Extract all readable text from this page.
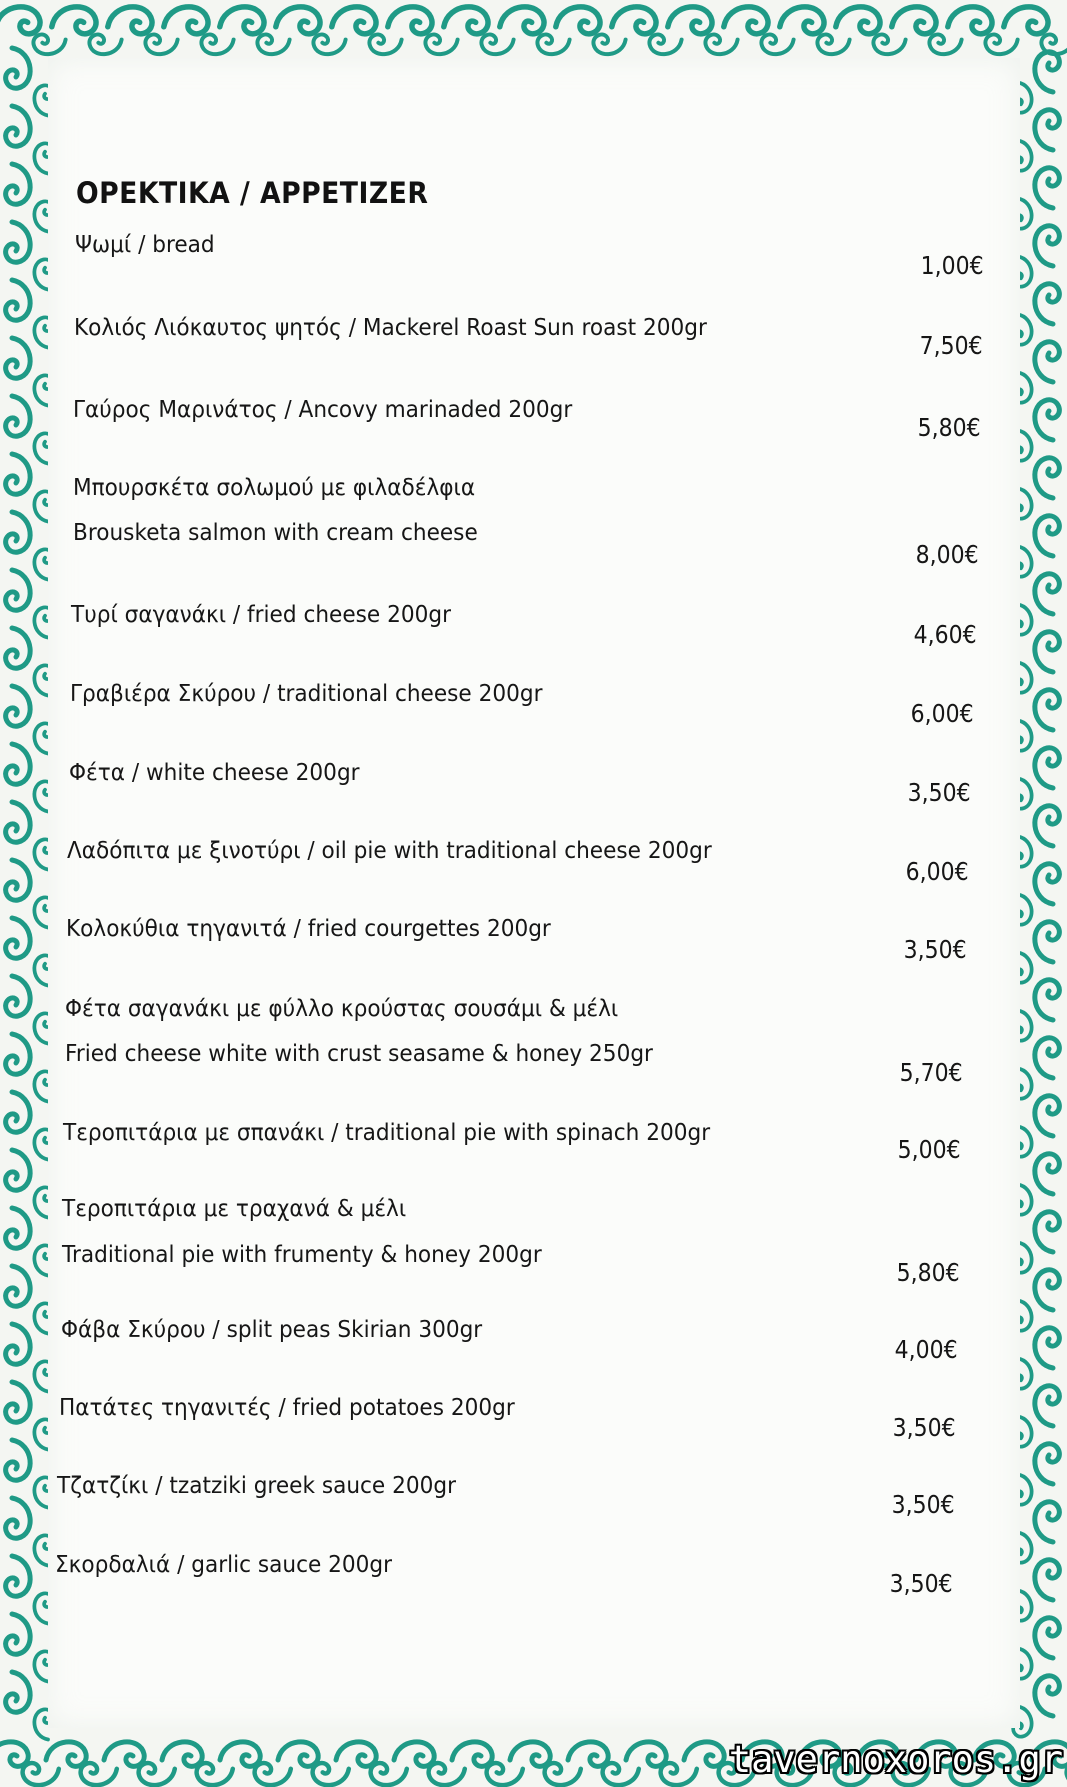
ΟΡΕΚΤΙΚΑ / APPETIZER
Ψωμί / bread
1,00€
Κολιός Λιόκαυτος ψητός / Mackerel Roast Sun roast 200gr
7,50€
Γαύρος Μαρινάτος / Ancovy marinaded 200gr
5,80€
Μπουρσκέτα σολωμού με φιλαδέλφια
Brousketa salmon with cream cheese
8,00€
Τυρί σαγανάκι / fried cheese 200gr
4,60€
Γραβιέρα Σκύρου / traditional cheese 200gr
6,00€
Φέτα / white cheese 200gr
3,50€
Λαδόπιτα με ξινοτύρι / oil pie with traditional cheese 200gr
6,00€
Κολοκύθια τηγανιτά / fried courgettes 200gr
3,50€
Φέτα σαγανάκι με φύλλο κρούστας σουσάμι & μέλι
Fried cheese white with crust seasame & honey 250gr
5,70€
Τεροπιτάρια με σπανάκι / traditional pie with spinach 200gr
5,00€
Τεροπιτάρια με τραχανά & μέλι
Traditional pie with frumenty & honey 200gr
5,80€
Φάβα Σκύρου / split peas Skirian 300gr
4,00€
Πατάτες τηγανιτές / fried potatoes 200gr
3,50€
Τζατζίκι / tzatziki greek sauce 200gr
3,50€
Σκορδαλιά / garlic sauce 200gr
3,50€
tavernoxoros.gr
